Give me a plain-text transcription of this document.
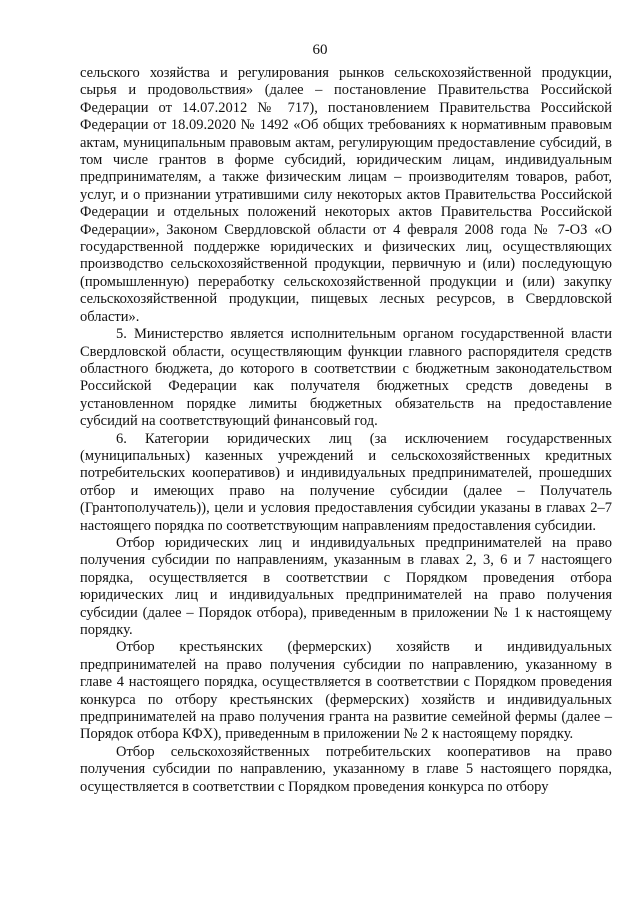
60

сельского хозяйства и регулирования рынков сельскохозяйственной продукции, сырья и продовольствия» (далее – постановление Правительства Российской Федерации от 14.07.2012 № 717), постановлением Правительства Российской Федерации от 18.09.2020 № 1492 «Об общих требованиях к нормативным правовым актам, муниципальным правовым актам, регулирующим предоставление субсидий, в том числе грантов в форме субсидий, юридическим лицам, индивидуальным предпринимателям, а также физическим лицам – производителям товаров, работ, услуг, и о признании утратившими силу некоторых актов Правительства Российской Федерации и отдельных положений некоторых актов Правительства Российской Федерации», Законом Свердловской области от 4 февраля 2008 года № 7-ОЗ «О государственной поддержке юридических и физических лиц, осуществляющих производство сельскохозяйственной продукции, первичную и (или) последующую (промышленную) переработку сельскохозяйственной продукции и (или) закупку сельскохозяйственной продукции, пищевых лесных ресурсов, в Свердловской области».

5. Министерство является исполнительным органом государственной власти Свердловской области, осуществляющим функции главного распорядителя средств областного бюджета, до которого в соответствии с бюджетным законодательством Российской Федерации как получателя бюджетных средств доведены в установленном порядке лимиты бюджетных обязательств на предоставление субсидий на соответствующий финансовый год.

6. Категории юридических лиц (за исключением государственных (муниципальных) казенных учреждений и сельскохозяйственных кредитных потребительских кооперативов) и индивидуальных предпринимателей, прошедших отбор и имеющих право на получение субсидии (далее – Получатель (Грантополучатель)), цели и условия предоставления субсидии указаны в главах 2–7 настоящего порядка по соответствующим направлениям предоставления субсидии.

Отбор юридических лиц и индивидуальных предпринимателей на право получения субсидии по направлениям, указанным в главах 2, 3, 6 и 7 настоящего порядка, осуществляется в соответствии с Порядком проведения отбора юридических лиц и индивидуальных предпринимателей на право получения субсидии (далее – Порядок отбора), приведенным в приложении № 1 к настоящему порядку.

Отбор крестьянских (фермерских) хозяйств и индивидуальных предпринимателей на право получения субсидии по направлению, указанному в главе 4 настоящего порядка, осуществляется в соответствии с Порядком проведения конкурса по отбору крестьянских (фермерских) хозяйств и индивидуальных предпринимателей на право получения гранта на развитие семейной фермы (далее – Порядок отбора КФХ), приведенным в приложении № 2 к настоящему порядку.

Отбор сельскохозяйственных потребительских кооперативов на право получения субсидии по направлению, указанному в главе 5 настоящего порядка, осуществляется в соответствии с Порядком проведения конкурса по отбору
